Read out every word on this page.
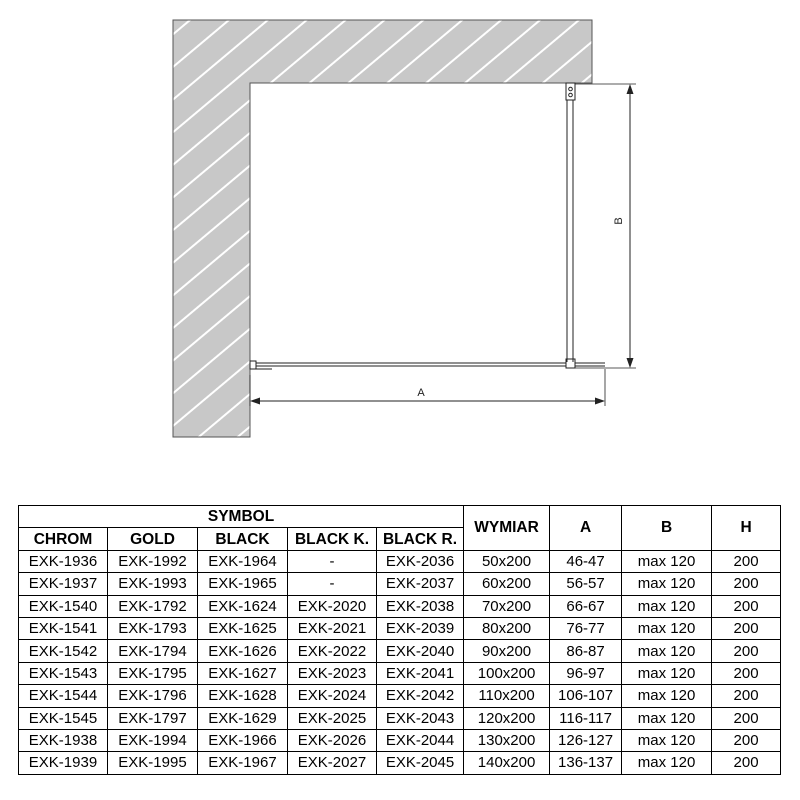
A
B
SYMBOL					WYMIAR	A	B	H
CHROM	GOLD	BLACK	BLACK K.	BLACK R.				
EXK-1936	EXK-1992	EXK-1964	-	EXK-2036	50x200	46-47	max 120	200
EXK-1937	EXK-1993	EXK-1965	-	EXK-2037	60x200	56-57	max 120	200
EXK-1540	EXK-1792	EXK-1624	EXK-2020	EXK-2038	70x200	66-67	max 120	200
EXK-1541	EXK-1793	EXK-1625	EXK-2021	EXK-2039	80x200	76-77	max 120	200
EXK-1542	EXK-1794	EXK-1626	EXK-2022	EXK-2040	90x200	86-87	max 120	200
EXK-1543	EXK-1795	EXK-1627	EXK-2023	EXK-2041	100x200	96-97	max 120	200
EXK-1544	EXK-1796	EXK-1628	EXK-2024	EXK-2042	110x200	106-107	max 120	200
EXK-1545	EXK-1797	EXK-1629	EXK-2025	EXK-2043	120x200	116-117	max 120	200
EXK-1938	EXK-1994	EXK-1966	EXK-2026	EXK-2044	130x200	126-127	max 120	200
EXK-1939	EXK-1995	EXK-1967	EXK-2027	EXK-2045	140x200	136-137	max 120	200
